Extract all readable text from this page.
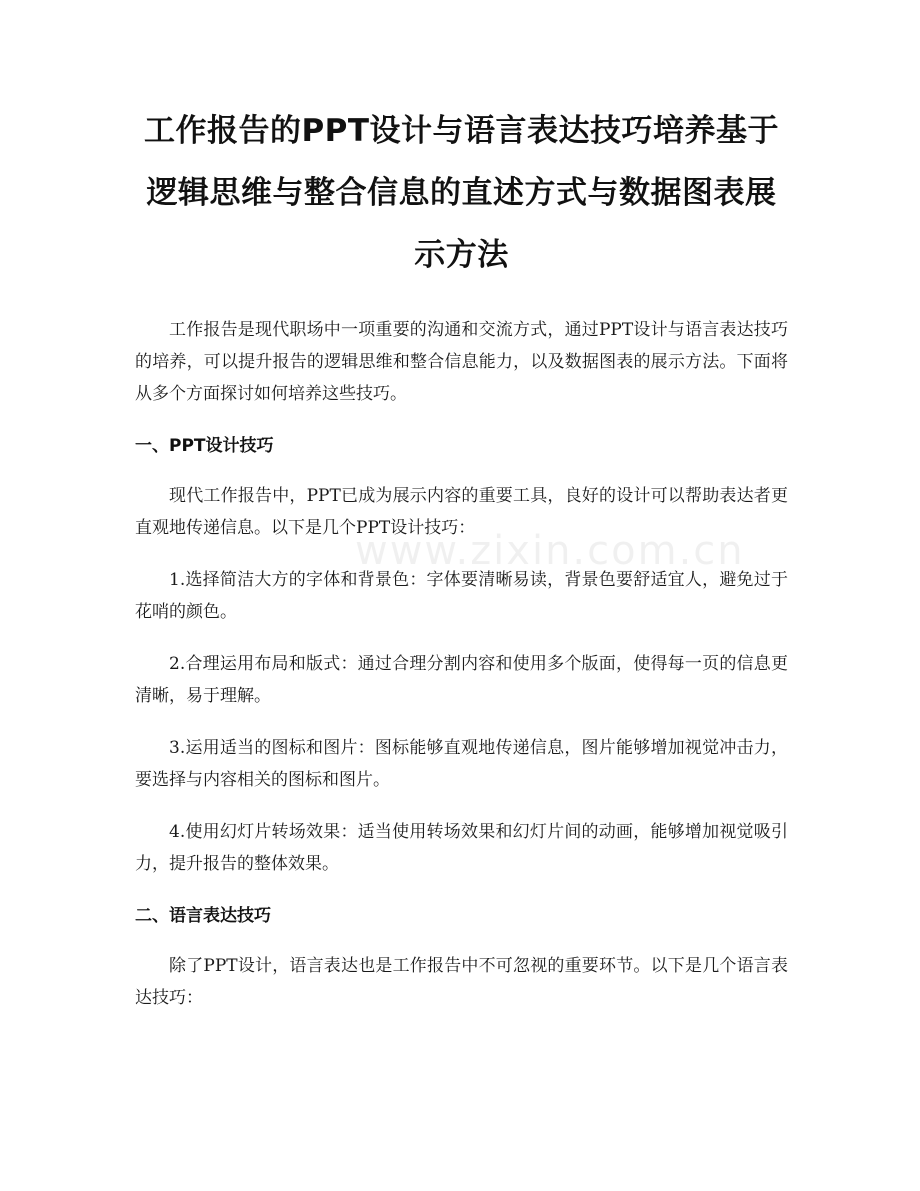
工作报告的PPT设计与语言表达技巧培养基于逻辑思维与整合信息的直述方式与数据图表展示方法

工作报告是现代职场中一项重要的沟通和交流方式，通过PPT设计与语言表达技巧的培养，可以提升报告的逻辑思维和整合信息能力，以及数据图表的展示方法。下面将从多个方面探讨如何培养这些技巧。

一、PPT设计技巧

现代工作报告中，PPT已成为展示内容的重要工具，良好的设计可以帮助表达者更直观地传递信息。以下是几个PPT设计技巧：

1.选择简洁大方的字体和背景色：字体要清晰易读，背景色要舒适宜人，避免过于花哨的颜色。

2.合理运用布局和版式：通过合理分割内容和使用多个版面，使得每一页的信息更清晰，易于理解。

3.运用适当的图标和图片：图标能够直观地传递信息，图片能够增加视觉冲击力，要选择与内容相关的图标和图片。

4.使用幻灯片转场效果：适当使用转场效果和幻灯片间的动画，能够增加视觉吸引力，提升报告的整体效果。

二、语言表达技巧

除了PPT设计，语言表达也是工作报告中不可忽视的重要环节。以下是几个语言表达技巧：

www.zixin.com.cn
